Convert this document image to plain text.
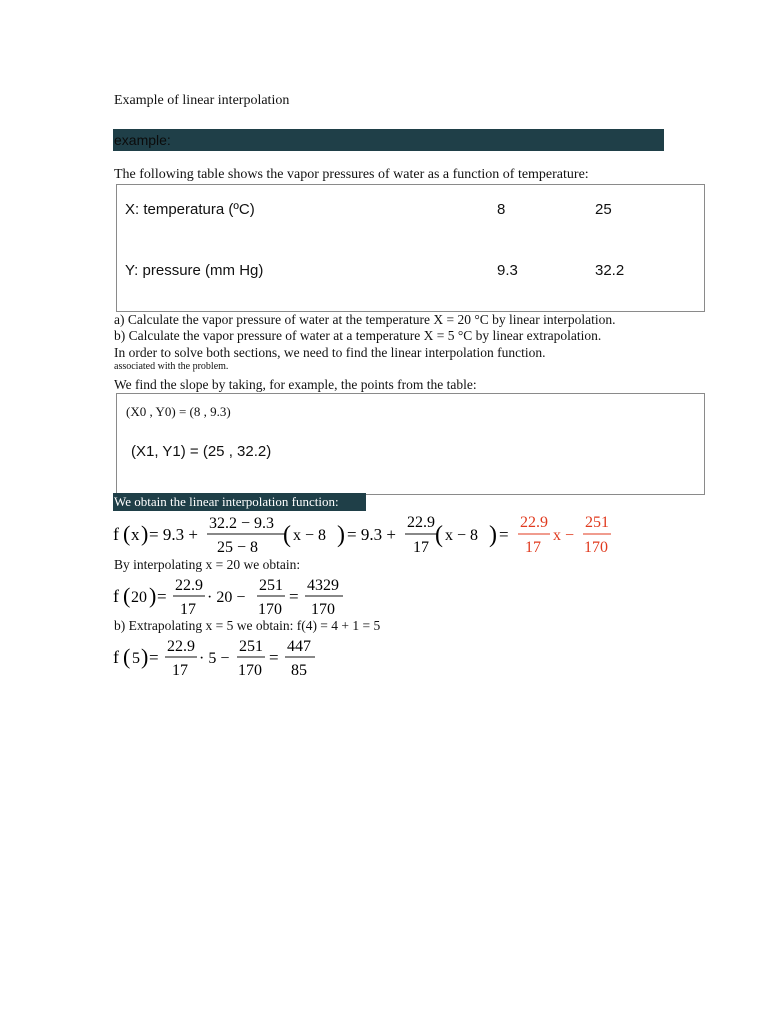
Example of linear interpolation
example:
The following table shows the vapor pressures of water as a function of temperature:
X: temperatura (ºC)	8	25
Y: pressure (mm Hg)	9.3	32.2
a) Calculate the vapor pressure of water at the temperature X = 20 °C by linear interpolation.
b) Calculate the vapor pressure of water at a temperature X = 5 °C by linear extrapolation.
In order to solve both sections, we need to find the linear interpolation function.
associated with the problem.
We find the slope by taking, for example, the points from the table:
(X0 , Y0) = (8 , 9.3)
(X1, Y1) = (25 , 32.2)
We obtain the linear interpolation function:
f ( x ) = 9.3 +
32.2 − 9.3
25 − 8 ( x − 8 ) = 9.3 +
22.9
17 ( x − 8 ) =
22.9
17
x −
251
170
By interpolating x = 20 we obtain:
f ( 20 ) =
22.9
17
· 20 −
251
170
=
4329
170
b) Extrapolating x = 5 we obtain: f(4) = 4 + 1 = 5
f ( 5 ) =
22.9
17
· 5 −
251
170
=
447
85
